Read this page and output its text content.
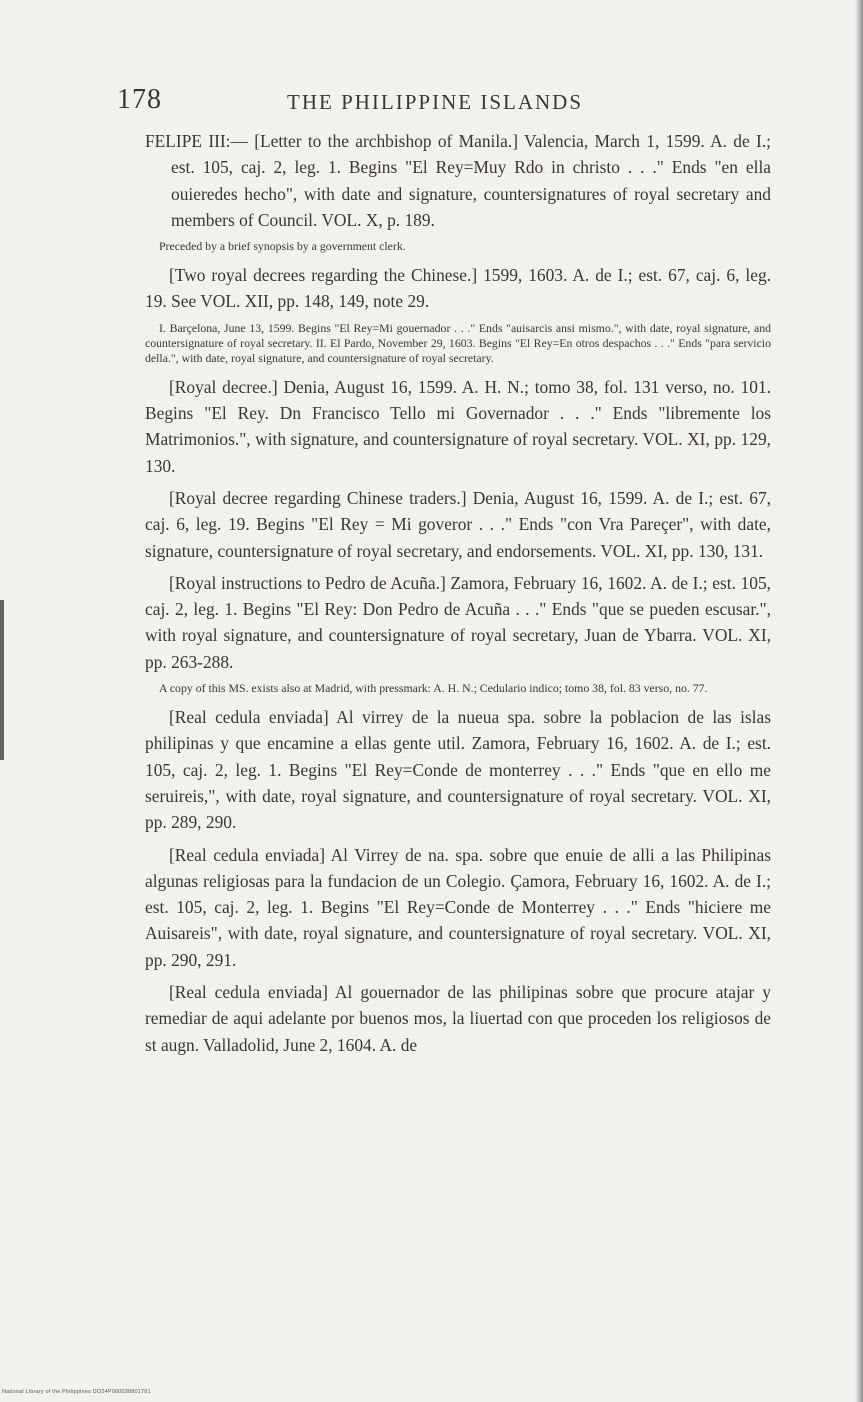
178	THE PHILIPPINE ISLANDS

FELIPE III:— [Letter to the archbishop of Manila.] Valencia, March 1, 1599. A. de I.; est. 105, caj. 2, leg. 1. Begins "El Rey=Muy Rdo in christo . . ." Ends "en ella ouieredes hecho", with date and signature, countersignatures of royal secretary and members of Council. VOL. X, p. 189.

Preceded by a brief synopsis by a government clerk.

[Two royal decrees regarding the Chinese.] 1599, 1603. A. de I.; est. 67, caj. 6, leg. 19. See VOL. XII, pp. 148, 149, note 29.

I. Barçelona, June 13, 1599. Begins "El Rey=Mi gouernador . . ." Ends "auisarcis ansi mismo.", with date, royal signature, and countersignature of royal secretary. II. El Pardo, November 29, 1603. Begins "El Rey=En otros despachos . . ." Ends "para servicio della.", with date, royal signature, and countersignature of royal secretary.

[Royal decree.] Denia, August 16, 1599. A. H. N.; tomo 38, fol. 131 verso, no. 101. Begins "El Rey. Dn Francisco Tello mi Governador . . ." Ends "libremente los Matrimonios.", with signature, and countersignature of royal secretary. VOL. XI, pp. 129, 130.

[Royal decree regarding Chinese traders.] Denia, August 16, 1599. A. de I.; est. 67, caj. 6, leg. 19. Begins "El Rey = Mi goveror . . ." Ends "con Vra Pareçer", with date, signature, countersignature of royal secretary, and endorsements. VOL. XI, pp. 130, 131.

[Royal instructions to Pedro de Acuña.] Zamora, February 16, 1602. A. de I.; est. 105, caj. 2, leg. 1. Begins "El Rey: Don Pedro de Acuña . . ." Ends "que se pueden escusar.", with royal signature, and countersignature of royal secretary, Juan de Ybarra. VOL. XI, pp. 263-288.

A copy of this MS. exists also at Madrid, with pressmark: A. H. N.; Cedulario indico; tomo 38, fol. 83 verso, no. 77.

[Real cedula enviada] Al virrey de la nueua spa. sobre la poblacion de las islas philipinas y que encamine a ellas gente util. Zamora, February 16, 1602. A. de I.; est. 105, caj. 2, leg. 1. Begins "El Rey=Conde de monterrey . . ." Ends "que en ello me seruireis,", with date, royal signature, and countersignature of royal secretary. VOL. XI, pp. 289, 290.

[Real cedula enviada] Al Virrey de na. spa. sobre que enuie de alli a las Philipinas algunas religiosas para la fundacion de un Colegio. Çamora, February 16, 1602. A. de I.; est. 105, caj. 2, leg. 1. Begins "El Rey=Conde de Monterrey . . ." Ends "hiciere me Auisareis", with date, royal signature, and countersignature of royal secretary. VOL. XI, pp. 290, 291.

[Real cedula enviada] Al gouernador de las philipinas sobre que procure atajar y remediar de aqui adelante por buenos mos, la liuertad con que proceden los religiosos de st augn. Valladolid, June 2, 1604. A. de

National Library of the Philippines DO24P000038801781
